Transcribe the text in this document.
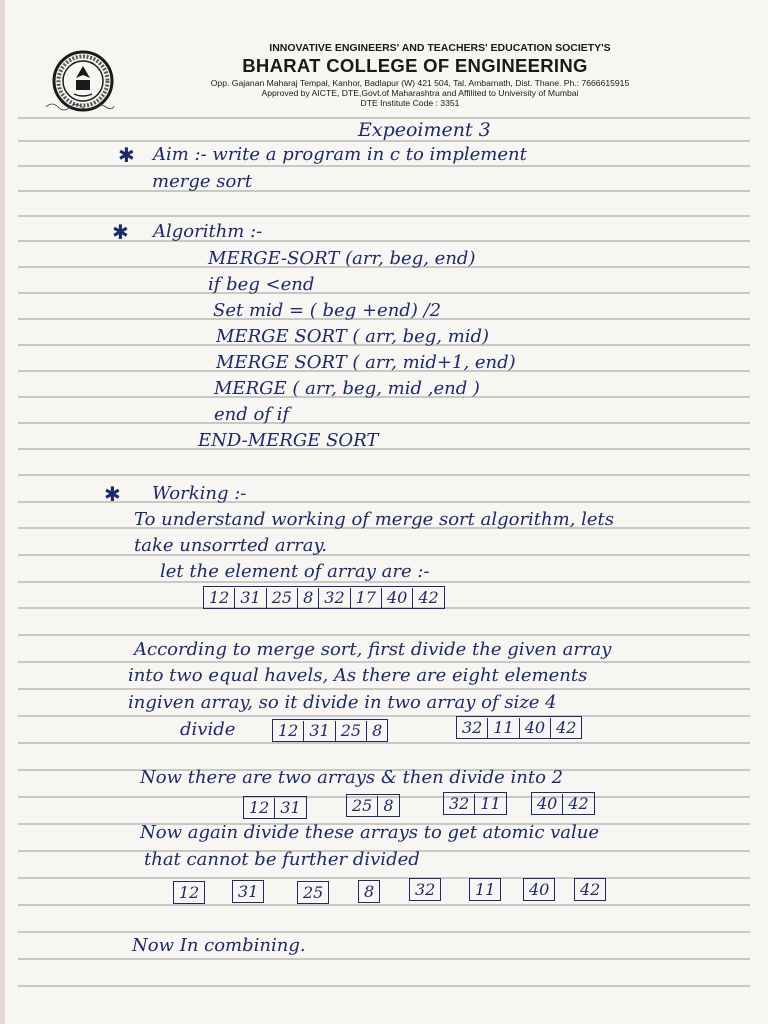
INNOVATIVE ENGINEERS' AND TEACHERS' EDUCATION SOCIETY'S
BHARAT COLLEGE OF ENGINEERING
Opp. Gajanan Maharaj Tempal, Kanhor, Badlapur (W) 421 504, Tal. Ambarnath, Dist. Thane. Ph.: 7666615915
Approved by AICTE, DTE,Govt.of Maharashtra and Affilited to University of Mumbai
DTE Institute Code : 3351
Expeoiment 3
✱ Aim :- write a program in c to implement
merge sort
✱ Algorithm :-
MERGE-SORT (arr, beg, end)
if beg <end
Set mid = ( beg +end) /2
MERGE SORT ( arr, beg, mid)
MERGE SORT ( arr, mid+1, end)
MERGE ( arr, beg, mid ,end )
end of if
END-MERGE SORT
✱ Working :-
To understand working of merge sort algorithm, lets
take unsorrted array.
let the element of array are :-
12 31 25 8 32 17 40 42
According to merge sort, first divide the given array
into two equal havels, As there are eight elements
ingiven array, so it divide in two array of size 4
divide	12 31 25 8	32 11 40 42
Now there are two arrays & then divide into 2
12 31	25 8	32 11	40 42
Now again divide these arrays to get atomic value
that cannot be further divided
12	31	25	8	32	11	40	42
Now In combining.
